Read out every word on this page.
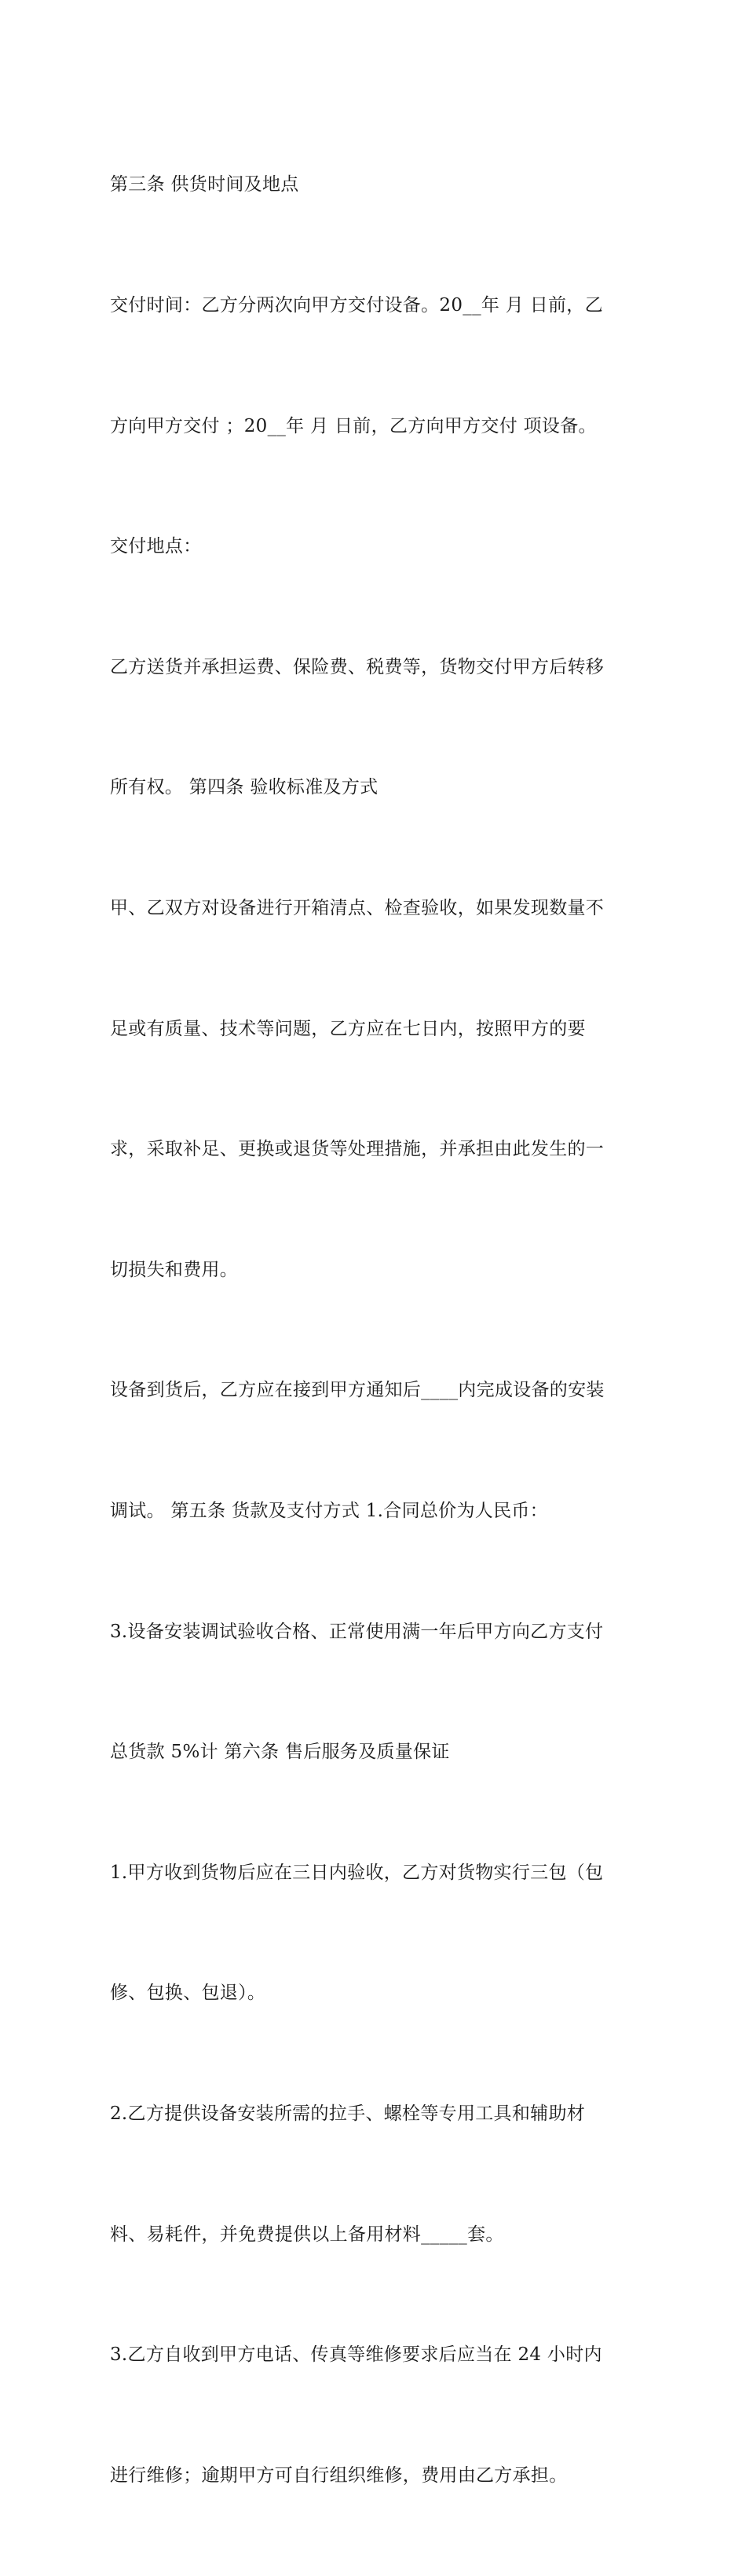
第三条 供货时间及地点

交付时间：乙方分两次向甲方交付设备。20__年 月 日前，乙

方向甲方交付 ；20__年 月 日前，乙方向甲方交付 项设备。

交付地点：

乙方送货并承担运费、保险费、税费等，货物交付甲方后转移

所有权。 第四条 验收标准及方式

甲、乙双方对设备进行开箱清点、检查验收，如果发现数量不

足或有质量、技术等问题，乙方应在七日内，按照甲方的要

求，采取补足、更换或退货等处理措施，并承担由此发生的一

切损失和费用。

设备到货后，乙方应在接到甲方通知后____内完成设备的安装

调试。 第五条 货款及支付方式 1.合同总价为人民币：

3.设备安装调试验收合格、正常使用满一年后甲方向乙方支付

总货款 5%计 第六条 售后服务及质量保证

1.甲方收到货物后应在三日内验收，乙方对货物实行三包（包

修、包换、包退）。

2.乙方提供设备安装所需的拉手、螺栓等专用工具和辅助材

料、易耗件，并免费提供以上备用材料_____套。

3.乙方自收到甲方电话、传真等维修要求后应当在 24 小时内

进行维修；逾期甲方可自行组织维修，费用由乙方承担。
